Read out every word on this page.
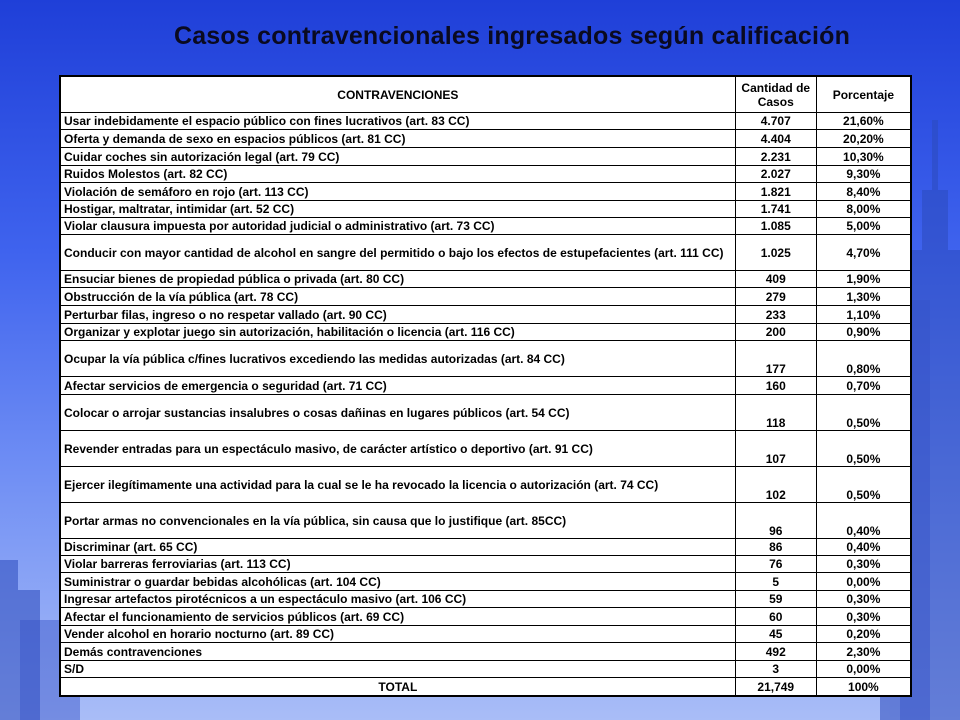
Casos contravencionales ingresados según calificación
CONTRAVENCIONES	Cantidad de Casos	Porcentaje
Usar indebidamente el espacio público con fines lucrativos (art. 83 CC)	4.707	21,60%
Oferta y demanda de sexo en espacios públicos (art. 81 CC)	4.404	20,20%
Cuidar coches sin autorización legal (art. 79 CC)	2.231	10,30%
Ruidos Molestos (art. 82 CC)	2.027	9,30%
Violación de semáforo en rojo (art. 113 CC)	1.821	8,40%
Hostigar, maltratar, intimidar (art. 52 CC)	1.741	8,00%
Violar clausura impuesta por autoridad judicial o administrativo (art. 73 CC)	1.085	5,00%
Conducir con mayor cantidad de alcohol en sangre del permitido o bajo los efectos de estupefacientes (art. 111 CC)	1.025	4,70%
Ensuciar bienes de propiedad pública o privada (art. 80 CC)	409	1,90%
Obstrucción de la vía pública (art. 78 CC)	279	1,30%
Perturbar filas, ingreso o no respetar vallado (art. 90 CC)	233	1,10%
Organizar y explotar juego sin autorización, habilitación o licencia (art. 116 CC)	200	0,90%
Ocupar la vía pública c/fines lucrativos excediendo las medidas autorizadas (art. 84 CC)	177	0,80%
Afectar servicios de emergencia o seguridad (art. 71 CC)	160	0,70%
Colocar o arrojar sustancias insalubres o cosas dañinas en lugares públicos (art. 54 CC)	118	0,50%
Revender entradas para un espectáculo masivo, de carácter artístico o deportivo (art. 91 CC)	107	0,50%
Ejercer ilegítimamente una actividad para la cual se le ha revocado la licencia o autorización (art. 74 CC)	102	0,50%
Portar armas no convencionales en la vía pública, sin causa que lo justifique (art. 85CC)	96	0,40%
Discriminar (art. 65 CC)	86	0,40%
Violar barreras ferroviarias (art. 113 CC)	76	0,30%
Suministrar o guardar bebidas alcohólicas (art. 104 CC)	5	0,00%
Ingresar artefactos pirotécnicos a un espectáculo masivo (art. 106 CC)	59	0,30%
Afectar el funcionamiento de servicios públicos (art. 69 CC)	60	0,30%
Vender alcohol en horario nocturno (art. 89 CC)	45	0,20%
Demás contravenciones	492	2,30%
S/D	3	0,00%
TOTAL	21,749	100%
